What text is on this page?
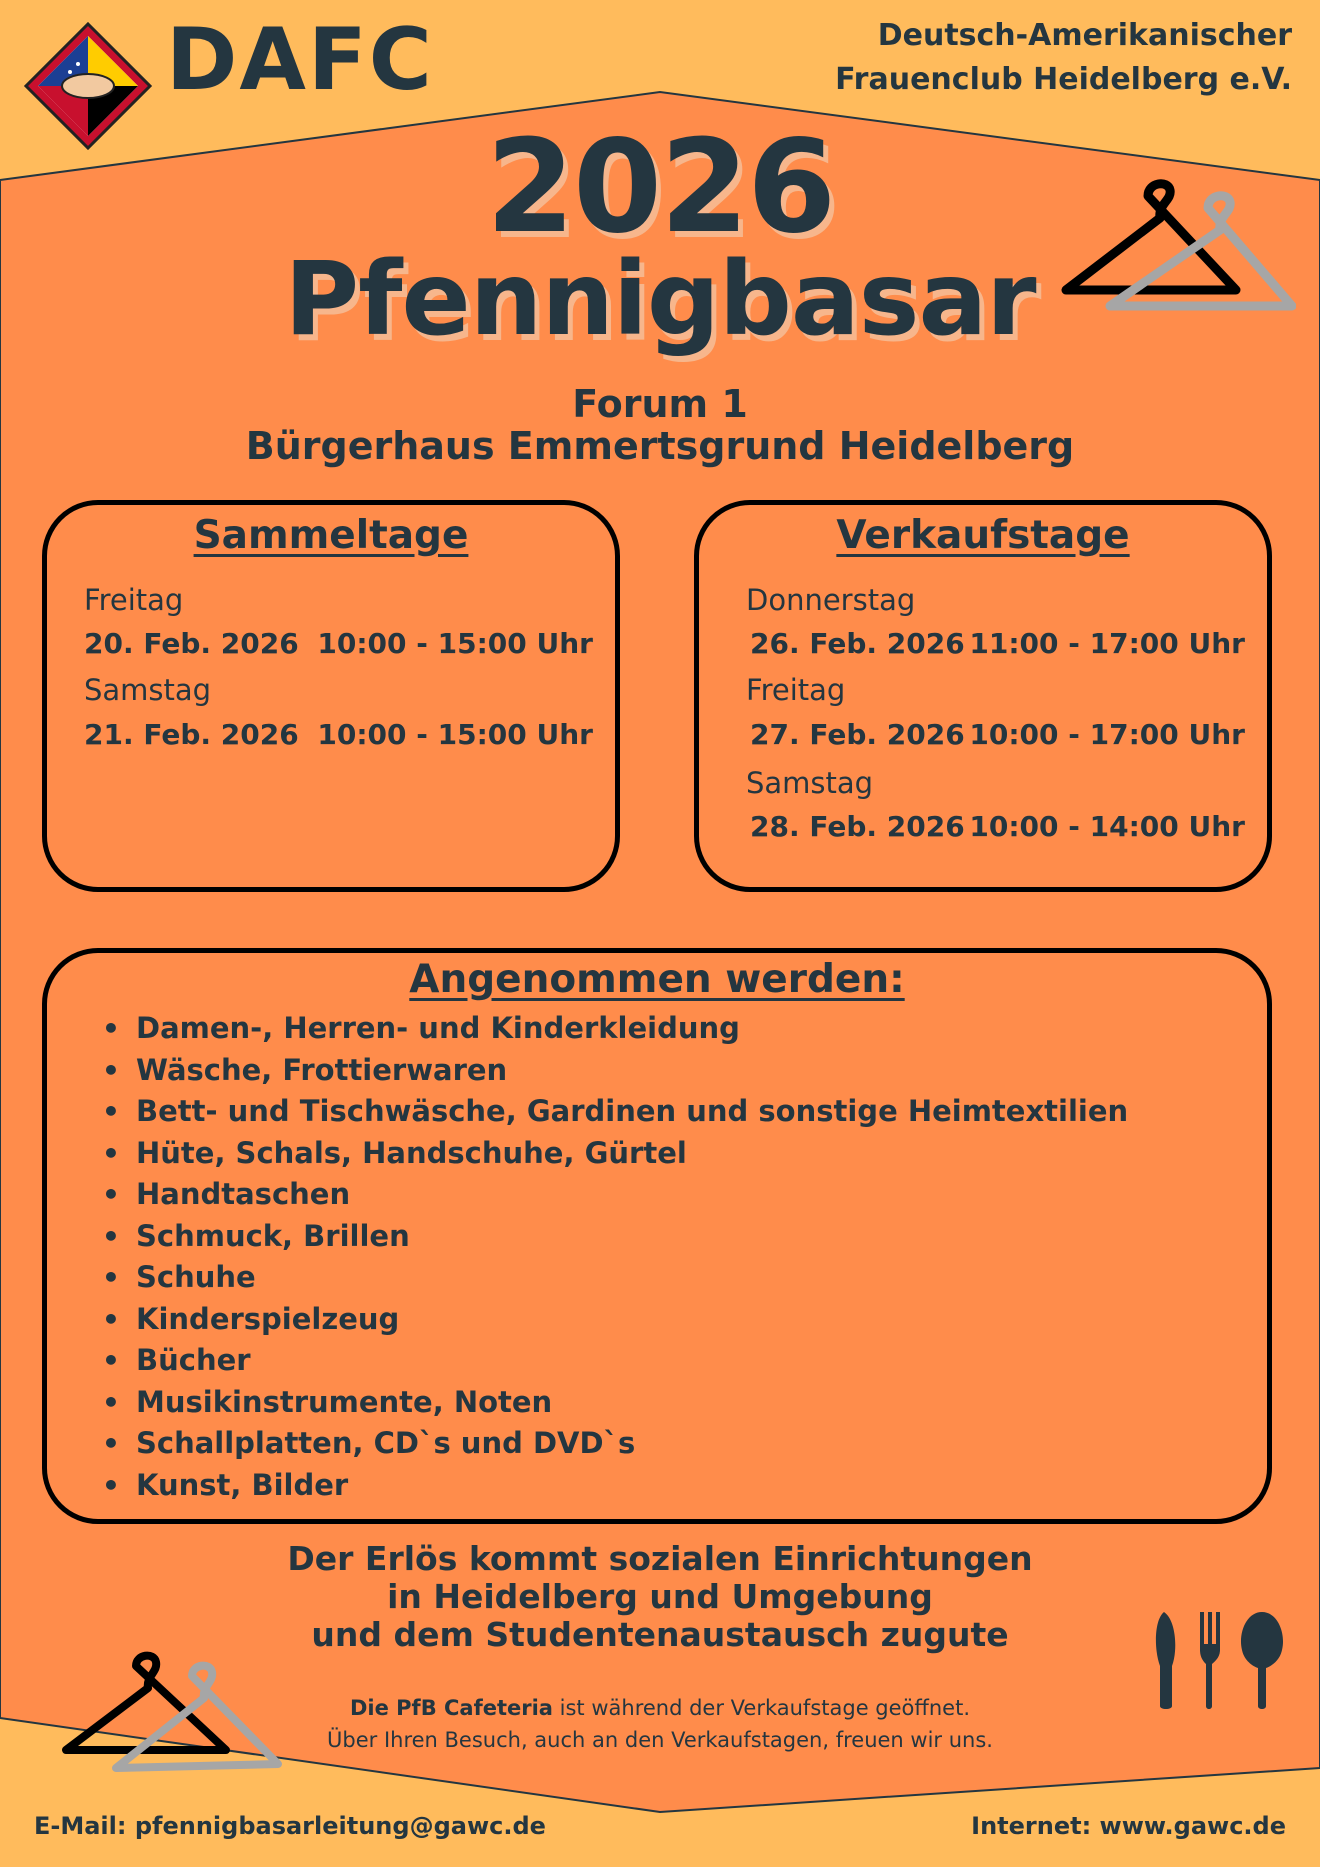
DAFC	Deutsch-Amerikanischer
Frauenclub Heidelberg e.V.
2026
Pfennigbasar
Forum 1
Bürgerhaus Emmertsgrund Heidelberg
Sammeltage
Freitag
20. Feb. 2026 10:00 - 15:00 Uhr
Samstag
21. Feb. 2026 10:00 - 15:00 Uhr
Verkaufstage
Donnerstag
26. Feb. 2026 11:00 - 17:00 Uhr
Freitag
27. Feb. 2026 10:00 - 17:00 Uhr
Samstag
28. Feb. 2026 10:00 - 14:00 Uhr
Angenommen werden:
• Damen-, Herren- und Kinderkleidung
• Wäsche, Frottierwaren
• Bett- und Tischwäsche, Gardinen und sonstige Heimtextilien
• Hüte, Schals, Handschuhe, Gürtel
• Handtaschen
• Schmuck, Brillen
• Schuhe
• Kinderspielzeug
• Bücher
• Musikinstrumente, Noten
• Schallplatten, CD`s und DVD`s
• Kunst, Bilder
Der Erlös kommt sozialen Einrichtungen
in Heidelberg und Umgebung
und dem Studentenaustausch zugute
Die PfB Cafeteria ist während der Verkaufstage geöffnet.
Über Ihren Besuch, auch an den Verkaufstagen, freuen wir uns.
E-Mail: pfennigbasarleitung@gawc.de	Internet: www.gawc.de
